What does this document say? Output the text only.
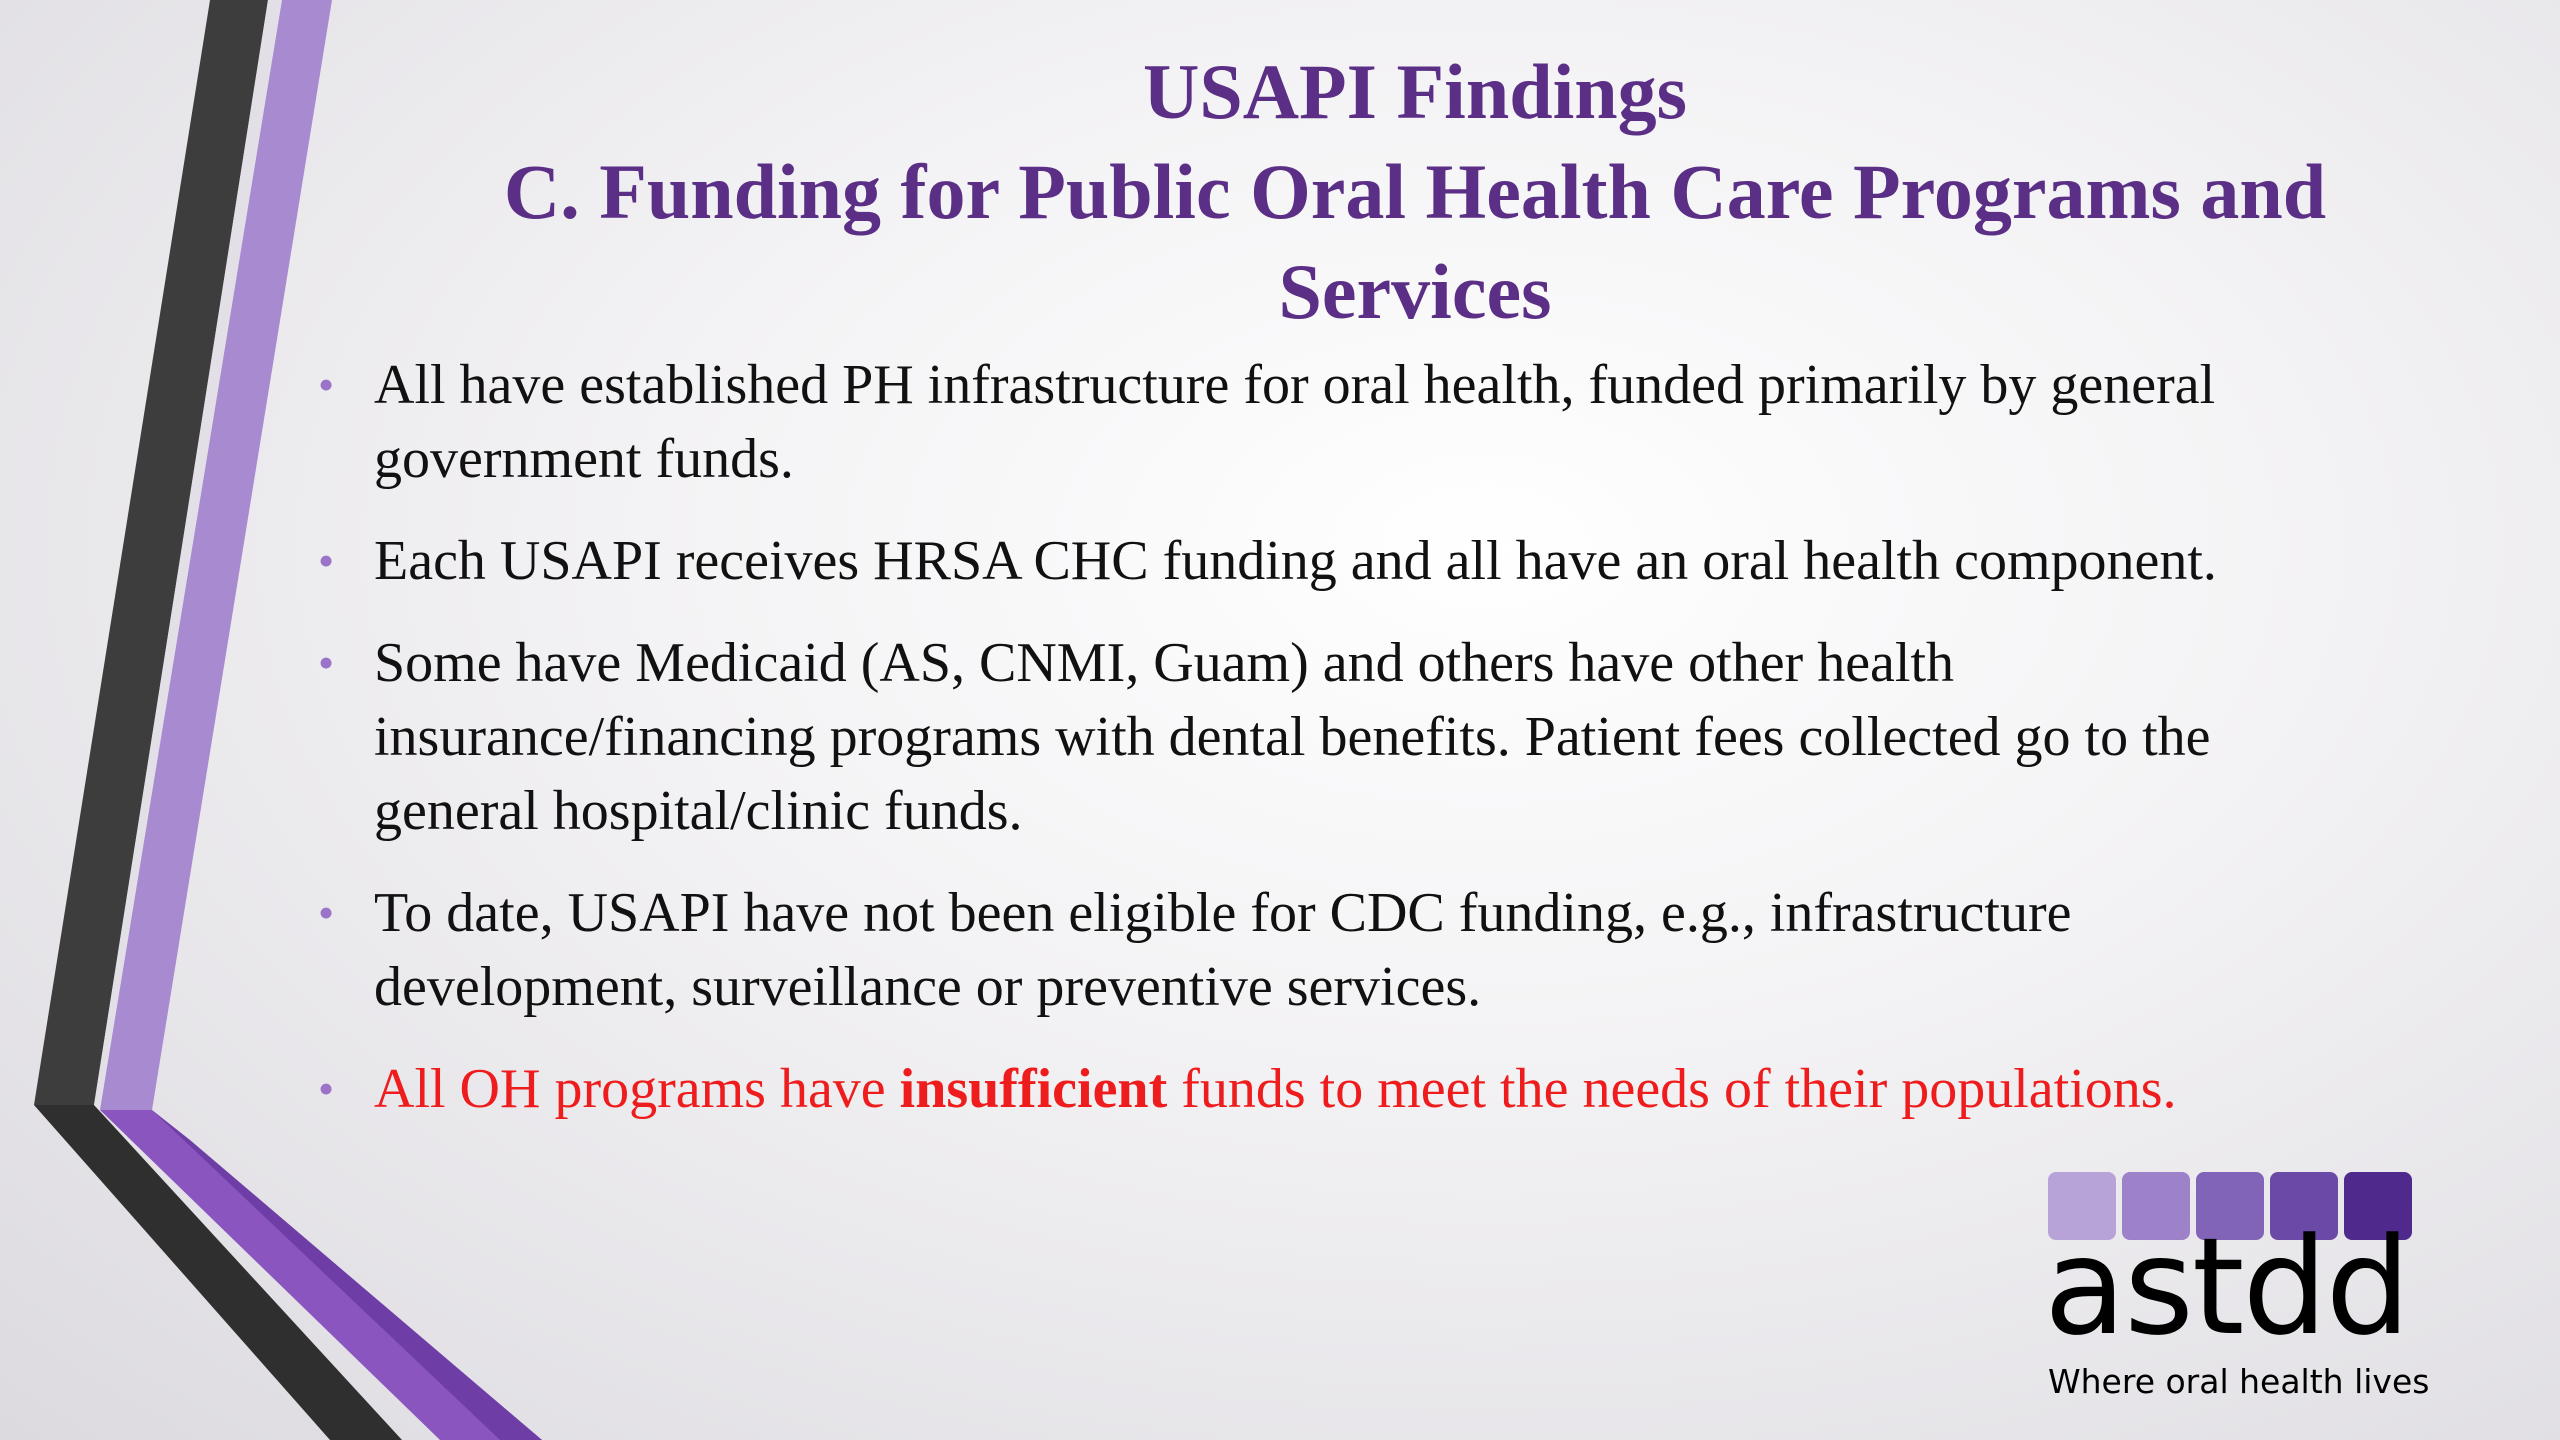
USAPI Findings
C. Funding for Public Oral Health Care Programs and
Services
• All have established PH infrastructure for oral health, funded primarily by general government funds.
• Each USAPI receives HRSA CHC funding and all have an oral health component.
• Some have Medicaid (AS, CNMI, Guam) and others have other health insurance/financing programs with dental benefits. Patient fees collected go to the general hospital/clinic funds.
• To date, USAPI have not been eligible for CDC funding, e.g., infrastructure development, surveillance or preventive services.
• All OH programs have insufficient funds to meet the needs of their populations.
astdd
Where oral health lives
